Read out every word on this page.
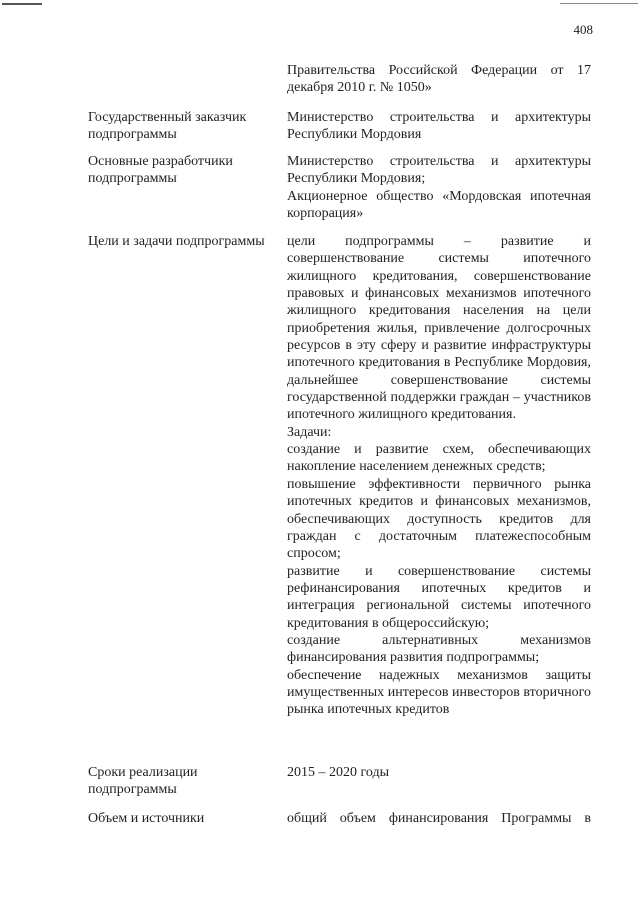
408
Правительства Российской Федерации от 17 декабря 2010 г. № 1050»
Государственный заказчик подпрограммы
Министерство строительства и архитектуры Республики Мордовия
Основные разработчики подпрограммы
Министерство строительства и архитектуры Республики Мордовия;
Акционерное общество «Мордовская ипотечная корпорация»
Цели и задачи подпрограммы	цели подпрограммы – развитие и совершенствование системы ипотечного жилищного кредитования, совершенствование правовых и финансовых механизмов ипотечного жилищного кредитования населения на цели приобретения жилья, привлечение долгосрочных ресурсов в эту сферу и развитие инфраструктуры ипотечного кредитования в Республике Мордовия, дальнейшее совершенствование системы государственной поддержки граждан – участников ипотечного жилищного кредитования.
Задачи:
создание и развитие схем, обеспечивающих накопление населением денежных средств;
повышение эффективности первичного рынка ипотечных кредитов и финансовых механизмов, обеспечивающих доступность кредитов для граждан с достаточным платежеспособным спросом;
развитие и совершенствование системы рефинансирования ипотечных кредитов и интеграция региональной системы ипотечного кредитования в общероссийскую;
создание альтернативных механизмов финансирования развития подпрограммы;
обеспечение надежных механизмов защиты имущественных интересов инвесторов вторичного рынка ипотечных кредитов
Сроки реализации подпрограммы
2015 – 2020 годы
Объем и источники	общий объем финансирования Программы в
